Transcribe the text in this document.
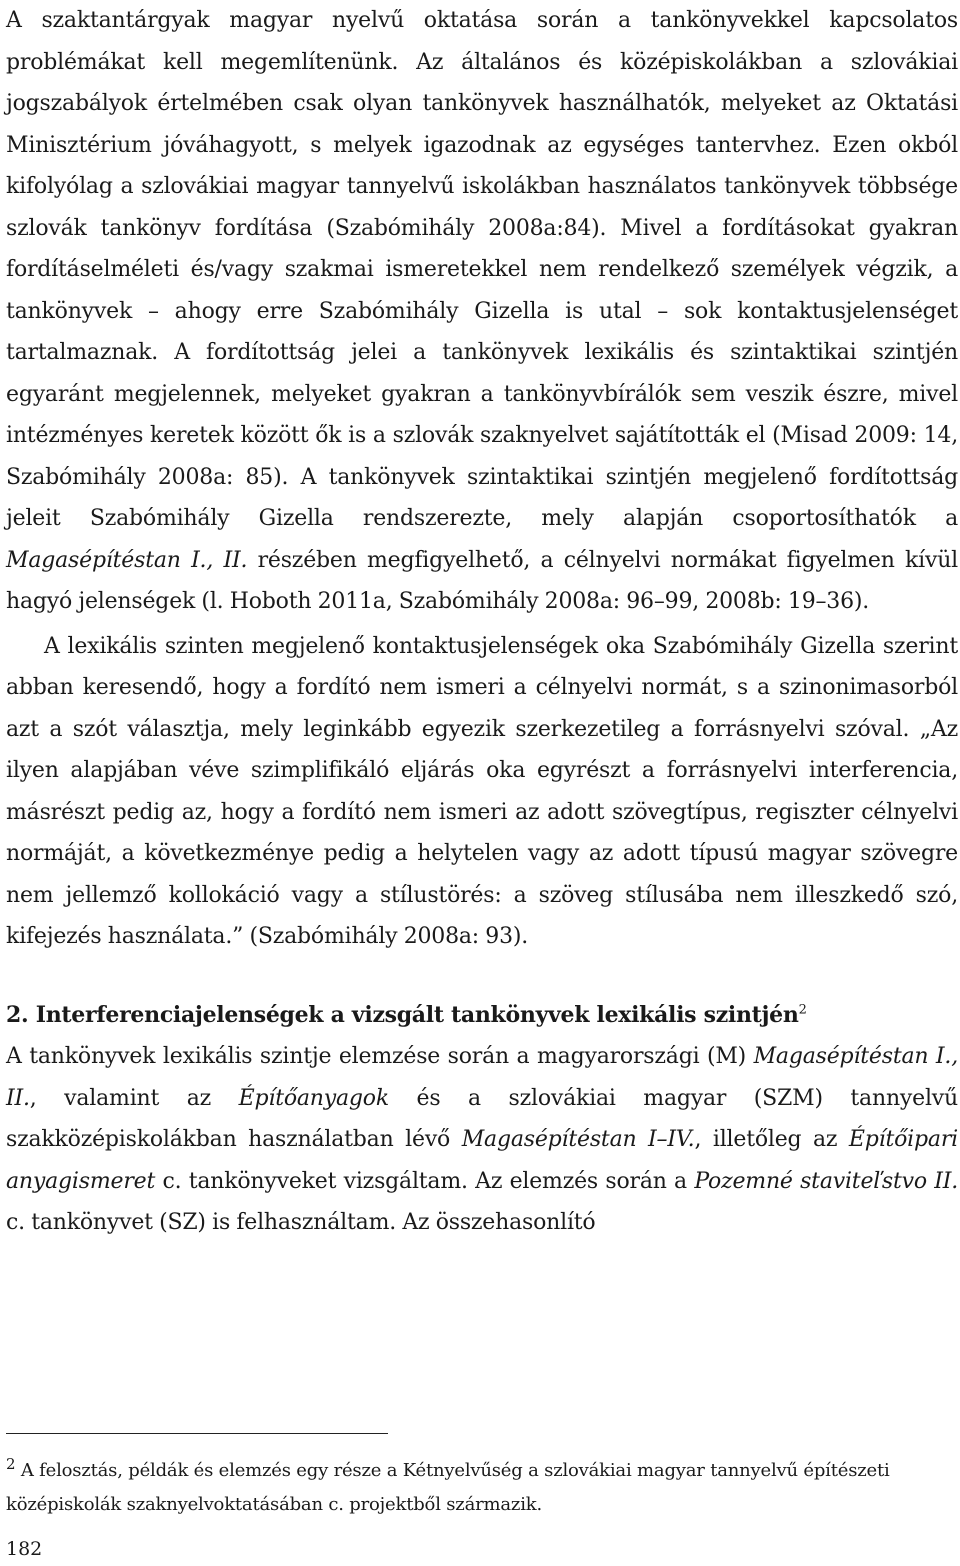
A szaktantárgyak magyar nyelvű oktatása során a tankönyvekkel kapcsolatos problémákat kell megemlítenünk. Az általános és középiskolákban a szlovákiai jogszabályok értelmében csak olyan tankönyvek használhatók, melyeket az Oktatási Minisztérium jóváhagyott, s melyek igazodnak az egységes tantervhez. Ezen okból kifolyólag a szlovákiai magyar tannyelvű iskolákban használatos tankönyvek többsége szlovák tankönyv fordítása (Szabómihály 2008a:84). Mivel a fordításokat gyakran fordításelméleti és/vagy szakmai ismeretekkel nem rendelkező személyek végzik, a tankönyvek – ahogy erre Szabómihály Gizella is utal – sok kontaktusjelenséget tartalmaznak. A fordítottság jelei a tankönyvek lexikális és szintaktikai szintjén egyaránt megjelennek, melyeket gyakran a tankönyvbírálók sem veszik észre, mivel intézményes keretek között ők is a szlovák szaknyelvet sajátították el (Misad 2009: 14, Szabómihály 2008a: 85). A tankönyvek szintaktikai szintjén megjelenő fordítottság jeleit Szabómihály Gizella rendszerezte, mely alapján csoportosíthatók a Magasépítéstan I., II. részében megfigyelhető, a célnyelvi normákat figyelmen kívül hagyó jelenségek (l. Hoboth 2011a, Szabómihály 2008a: 96–99, 2008b: 19–36).

A lexikális szinten megjelenő kontaktusjelenségek oka Szabómihály Gizella szerint abban keresendő, hogy a fordító nem ismeri a célnyelvi normát, s a szinonimasorból azt a szót választja, mely leginkább egyezik szerkezetileg a forrásnyelvi szóval. „Az ilyen alapjában véve szimplifikáló eljárás oka egyrészt a forrásnyelvi interferencia, másrészt pedig az, hogy a fordító nem ismeri az adott szövegtípus, regiszter célnyelvi normáját, a következménye pedig a helytelen vagy az adott típusú magyar szövegre nem jellemző kollokáció vagy a stílustörés: a szöveg stílusába nem illeszkedő szó, kifejezés használata.” (Szabómihály 2008a: 93).

2. Interferenciajelenségek a vizsgált tankönyvek lexikális szintjén$^2$

A tankönyvek lexikális szintje elemzése során a magyarországi (M) Magasépítéstan I., II., valamint az Építőanyagok és a szlovákiai magyar (SZM) tannyelvű szakközépiskolákban használatban lévő Magasépítéstan I–IV., illetőleg az Építőipari anyagismeret c. tankönyveket vizsgáltam. Az elemzés során a Pozemné staviteľstvo II. c. tankönyvet (SZ) is felhasználtam. Az összehasonlító

$^2$ A felosztás, példák és elemzés egy része a Kétnyelvűség a szlovákiai magyar tannyelvű építészeti középiskolák szaknyelvoktatásában c. projektből származik.

182
